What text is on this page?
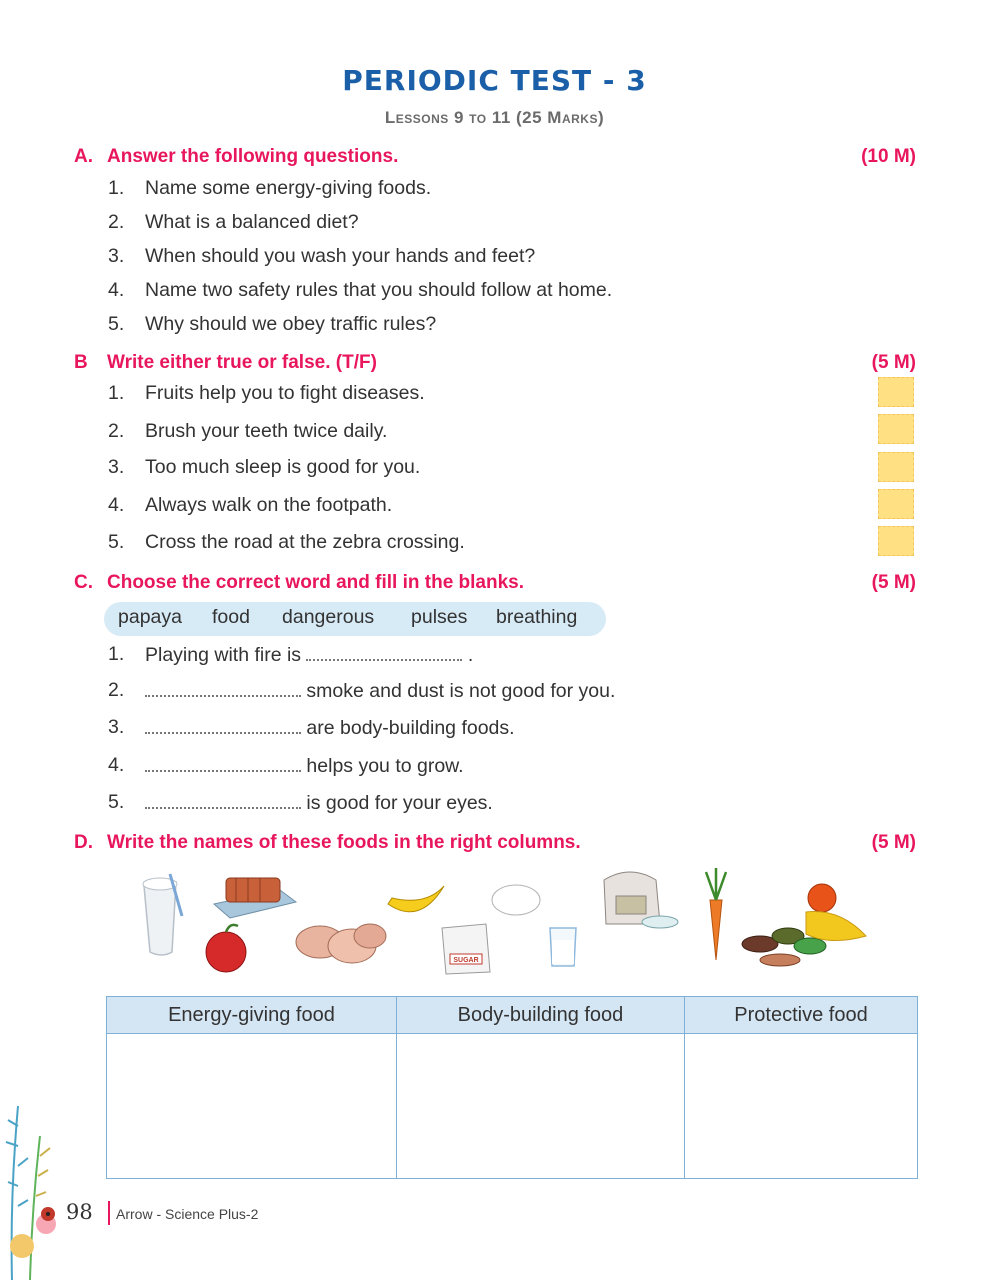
PERIODIC TEST - 3
Lessons 9 to 11 (25 Marks)
A. Answer the following questions.	(10 M)
1. Name some energy-giving foods.
2. What is a balanced diet?
3. When should you wash your hands and feet?
4. Name two safety rules that you should follow at home.
5. Why should we obey traffic rules?
B Write either true or false. (T/F)	(5 M)
1. Fruits help you to fight diseases.
2. Brush your teeth twice daily.
3. Too much sleep is good for you.
4. Always walk on the footpath.
5. Cross the road at the zebra crossing.
C. Choose the correct word and fill in the blanks.	(5 M)
papaya food dangerous pulses breathing
1. Playing with fire is	.
2.	smoke and dust is not good for you.
3.	are body-building foods.
4.	helps you to grow.
5.	is good for your eyes.
D. Write the names of these foods in the right columns.	(5 M)
SUGAR
Energy-giving food	Body-building food	Protective food

98 Arrow - Science Plus-2
